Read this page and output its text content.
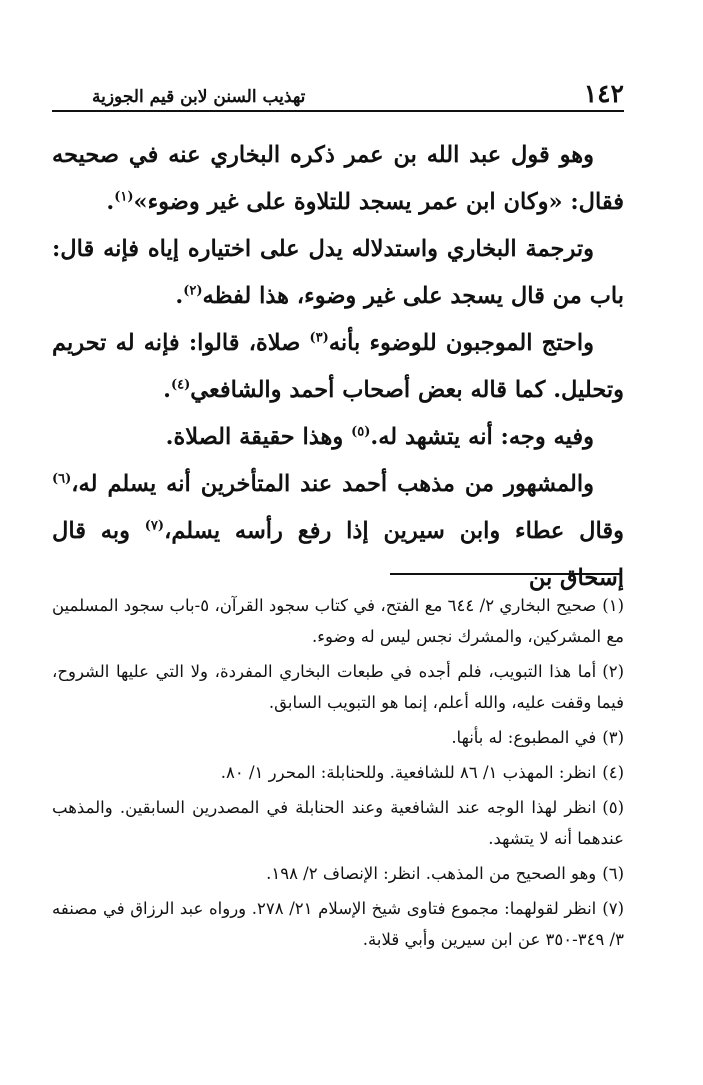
١٤٢
تهذيب السنن لابن قيم الجوزية

وهو قول عبد الله بن عمر ذكره البخاري عنه في صحيحه فقال: «وكان ابن عمر يسجد للتلاوة على غير وضوء»$^{(١)}$.

وترجمة البخاري واستدلاله يدل على اختياره إياه فإنه قال: باب من قال يسجد على غير وضوء، هذا لفظه$^{(٢)}$.

واحتج الموجبون للوضوء بأنه$^{(٣)}$ صلاة، قالوا: فإنه له تحريم وتحليل. كما قاله بعض أصحاب أحمد والشافعي$^{(٤)}$.

وفيه وجه: أنه يتشهد له.$^{(٥)}$ وهذا حقيقة الصلاة.

والمشهور من مذهب أحمد عند المتأخرين أنه يسلم له،$^{(٦)}$ وقال عطاء وابن سيرين إذا رفع رأسه يسلم،$^{(٧)}$ وبه قال إسحاق بن

(١)صحيح البخاري ٢/ ٦٤٤ مع الفتح، في كتاب سجود القرآن، ٥-باب سجود المسلمين مع المشركين، والمشرك نجس ليس له وضوء.

(٢)أما هذا التبويب، فلم أجده في طبعات البخاري المفردة، ولا التي عليها الشروح، فيما وقفت عليه، والله أعلم، إنما هو التبويب السابق.

(٣)في المطبوع: له بأنها.

(٤)انظر: المهذب ١/ ٨٦ للشافعية. وللحنابلة: المحرر ١/ ٨٠.

(٥)انظر لهذا الوجه عند الشافعية وعند الحنابلة في المصدرين السابقين. والمذهب عندهما أنه لا يتشهد.

(٦)وهو الصحيح من المذهب. انظر: الإنصاف ٢/ ١٩٨.

(٧)انظر لقولهما: مجموع فتاوى شيخ الإسلام ٢١/ ٢٧٨. ورواه عبد الرزاق في مصنفه ٣/ ٣٤٩-٣٥٠ عن ابن سيرين وأبي قلابة.
